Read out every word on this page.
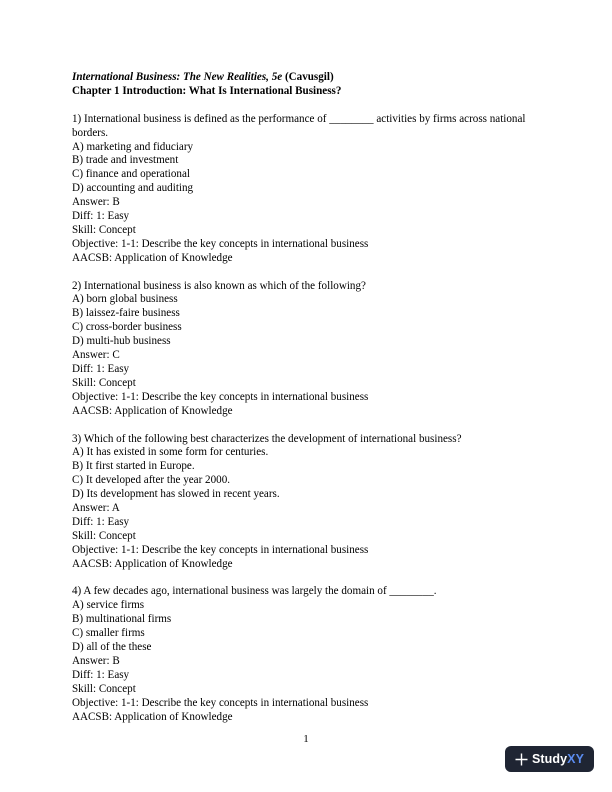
International Business: The New Realities, 5e (Cavusgil)
Chapter 1 Introduction: What Is International Business?
1) International business is defined as the performance of ________ activities by firms across national borders.
A) marketing and fiduciary
B) trade and investment
C) finance and operational
D) accounting and auditing
Answer: B
Diff: 1: Easy
Skill: Concept
Objective: 1-1: Describe the key concepts in international business
AACSB: Application of Knowledge
2) International business is also known as which of the following?
A) born global business
B) laissez-faire business
C) cross-border business
D) multi-hub business
Answer: C
Diff: 1: Easy
Skill: Concept
Objective: 1-1: Describe the key concepts in international business
AACSB: Application of Knowledge
3) Which of the following best characterizes the development of international business?
A) It has existed in some form for centuries.
B) It first started in Europe.
C) It developed after the year 2000.
D) Its development has slowed in recent years.
Answer: A
Diff: 1: Easy
Skill: Concept
Objective: 1-1: Describe the key concepts in international business
AACSB: Application of Knowledge
4) A few decades ago, international business was largely the domain of ________.
A) service firms
B) multinational firms
C) smaller firms
D) all of the these
Answer: B
Diff: 1: Easy
Skill: Concept
Objective: 1-1: Describe the key concepts in international business
AACSB: Application of Knowledge
1
StudyXY
